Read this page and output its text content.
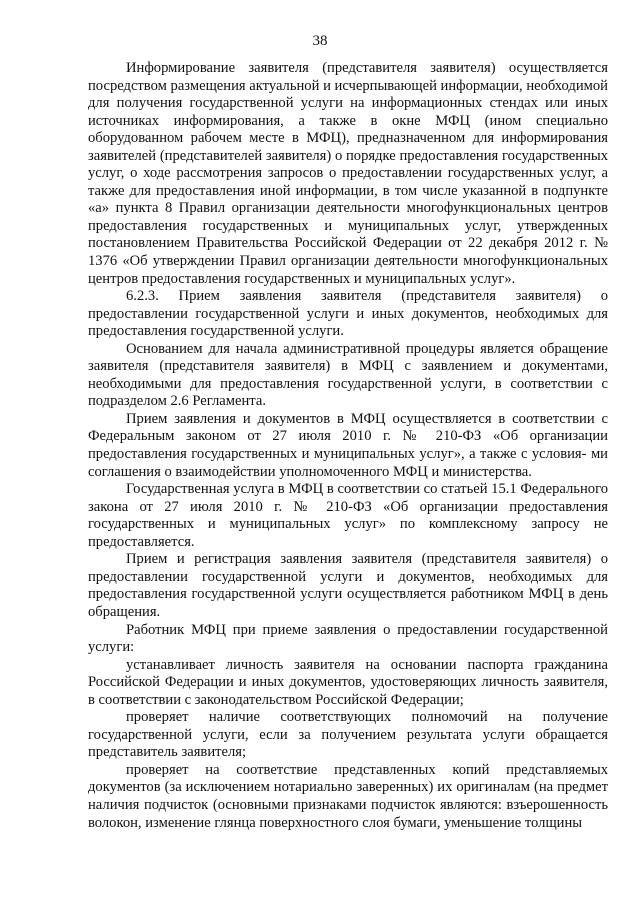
38

Информирование заявителя (представителя заявителя) осуществляется посредством размещения актуальной и исчерпывающей информации, необходимой для получения государственной услуги на информационных стендах или иных источниках информирования, а также в окне МФЦ (ином специально оборудованном рабочем месте в МФЦ), предназначенном для информирования заявителей (представителей заявителя) о порядке предоставления государственных услуг, о ходе рассмотрения запросов о предоставлении государственных услуг, а также для предоставления иной информации, в том числе указанной в подпункте «а» пункта 8 Правил организации деятельности многофункциональных центров предоставления государственных и муниципальных услуг, утвержденных постановлением Правительства Российской Федерации от 22 декабря 2012 г. № 1376 «Об утверждении Правил организации деятельности многофункциональных центров предоставления государственных и муниципальных услуг».

6.2.3. Прием заявления заявителя (представителя заявителя) о предоставлении государственной услуги и иных документов, необходимых для предоставления государственной услуги.

Основанием для начала административной процедуры является обращение заявителя (представителя заявителя) в МФЦ с заявлением и документами, необходимыми для предоставления государственной услуги, в соответствии с подразделом 2.6 Регламента.

Прием заявления и документов в МФЦ осуществляется в соответствии с Федеральным законом от 27 июля 2010 г. № 210-ФЗ «Об организации предоставления государственных и муниципальных услуг», а также с условия- ми соглашения о взаимодействии уполномоченного МФЦ и министерства.

Государственная услуга в МФЦ в соответствии со статьей 15.1 Федерального закона от 27 июля 2010 г. № 210-ФЗ «Об организации предоставления государственных и муниципальных услуг» по комплексному запросу не предоставляется.

Прием и регистрация заявления заявителя (представителя заявителя) о предоставлении государственной услуги и документов, необходимых для предоставления государственной услуги осуществляется работником МФЦ в день обращения.

Работник МФЦ при приеме заявления о предоставлении государственной услуги:

устанавливает личность заявителя на основании паспорта гражданина Российской Федерации и иных документов, удостоверяющих личность заявителя, в соответствии с законодательством Российской Федерации;

проверяет наличие соответствующих полномочий на получение государственной услуги, если за получением результата услуги обращается представитель заявителя;

проверяет на соответствие представленных копий представляемых документов (за исключением нотариально заверенных) их оригиналам (на предмет наличия подчисток (основными признаками подчисток являются: взъерошенность волокон, изменение глянца поверхностного слоя бумаги, уменьшение толщины
